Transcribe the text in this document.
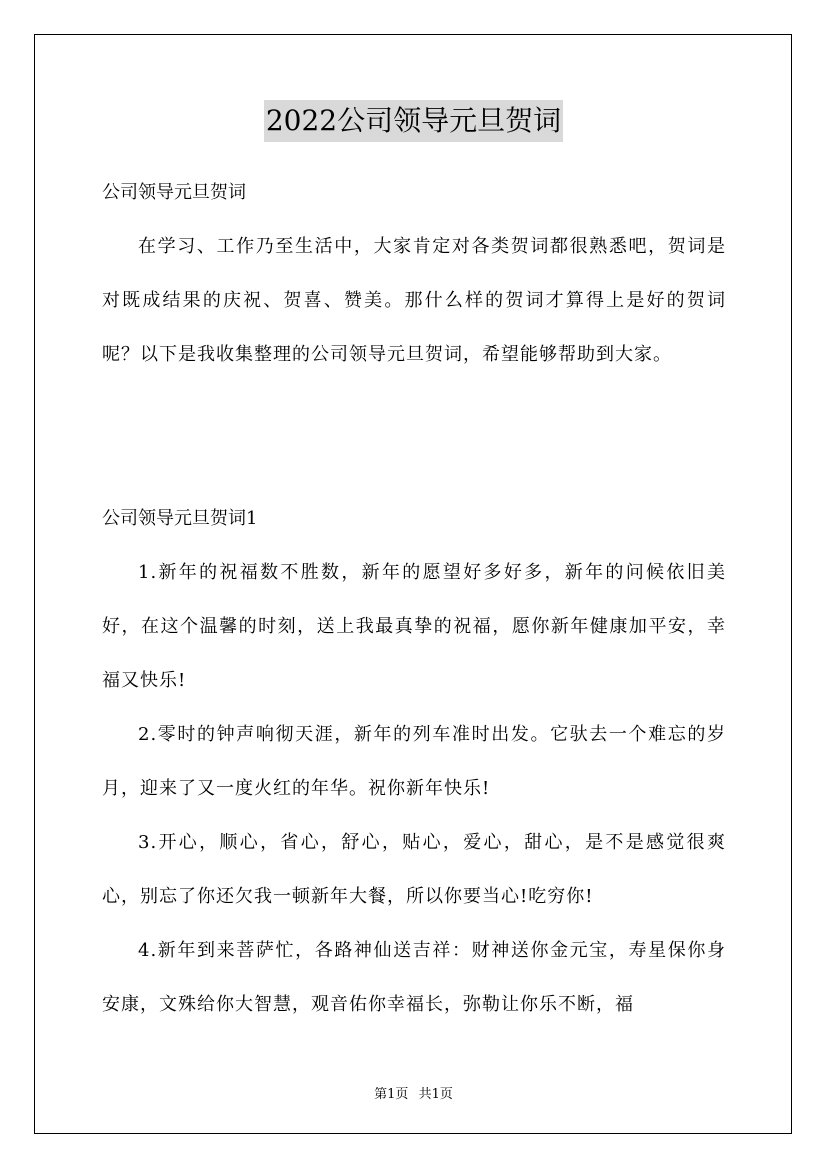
2022公司领导元旦贺词
公司领导元旦贺词

在学习、工作乃至生活中，大家肯定对各类贺词都很熟悉吧，贺词是对既成结果的庆祝、贺喜、赞美。那什么样的贺词才算得上是好的贺词呢？以下是我收集整理的公司领导元旦贺词，希望能够帮助到大家。

公司领导元旦贺词1

1.新年的祝福数不胜数，新年的愿望好多好多，新年的问候依旧美好，在这个温馨的时刻，送上我最真挚的祝福，愿你新年健康加平安，幸福又快乐!

2.零时的钟声响彻天涯，新年的列车准时出发。它驮去一个难忘的岁月，迎来了又一度火红的年华。祝你新年快乐!

3.开心，顺心，省心，舒心，贴心，爱心，甜心，是不是感觉很爽心，别忘了你还欠我一顿新年大餐，所以你要当心!吃穷你!

4.新年到来菩萨忙，各路神仙送吉祥：财神送你金元宝，寿星保你身安康，文殊给你大智慧，观音佑你幸福长，弥勒让你乐不断，福

第1页 共1页
